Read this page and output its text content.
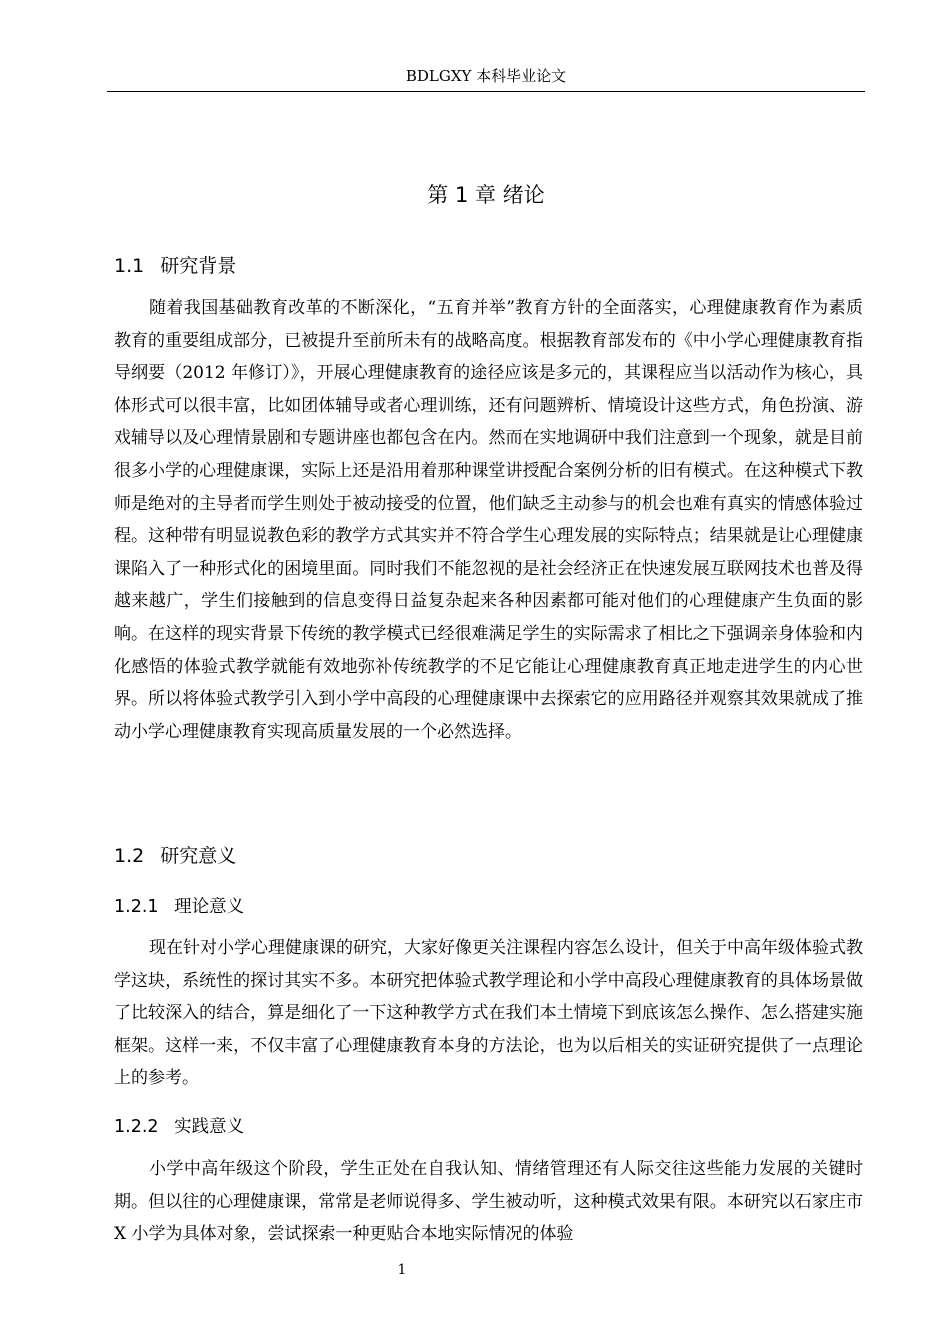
BDLGXY 本科毕业论文
第 1 章 绪论
1.1 研究背景

随着我国基础教育改革的不断深化，“五育并举”教育方针的全面落实，心理健康教育作为素质教育的重要组成部分，已被提升至前所未有的战略高度。根据教育部发布的《中小学心理健康教育指导纲要（2012 年修订）》，开展心理健康教育的途径应该是多元的，其课程应当以活动作为核心，具体形式可以很丰富，比如团体辅导或者心理训练，还有问题辨析、情境设计这些方式，角色扮演、游戏辅导以及心理情景剧和专题讲座也都包含在内。然而在实地调研中我们注意到一个现象，就是目前很多小学的心理健康课，实际上还是沿用着那种课堂讲授配合案例分析的旧有模式。在这种模式下教师是绝对的主导者而学生则处于被动接受的位置，他们缺乏主动参与的机会也难有真实的情感体验过程。这种带有明显说教色彩的教学方式其实并不符合学生心理发展的实际特点；结果就是让心理健康课陷入了一种形式化的困境里面。同时我们不能忽视的是社会经济正在快速发展互联网技术也普及得越来越广，学生们接触到的信息变得日益复杂起来各种因素都可能对他们的心理健康产生负面的影响。在这样的现实背景下传统的教学模式已经很难满足学生的实际需求了相比之下强调亲身体验和内化感悟的体验式教学就能有效地弥补传统教学的不足它能让心理健康教育真正地走进学生的内心世界。所以将体验式教学引入到小学中高段的心理健康课中去探索它的应用路径并观察其效果就成了推动小学心理健康教育实现高质量发展的一个必然选择。

1.2 研究意义
1.2.1 理论意义

现在针对小学心理健康课的研究，大家好像更关注课程内容怎么设计，但关于中高年级体验式教学这块，系统性的探讨其实不多。本研究把体验式教学理论和小学中高段心理健康教育的具体场景做了比较深入的结合，算是细化了一下这种教学方式在我们本土情境下到底该怎么操作、怎么搭建实施框架。这样一来，不仅丰富了心理健康教育本身的方法论，也为以后相关的实证研究提供了一点理论上的参考。

1.2.2 实践意义

小学中高年级这个阶段，学生正处在自我认知、情绪管理还有人际交往这些能力发展的关键时期。但以往的心理健康课，常常是老师说得多、学生被动听，这种模式效果有限。本研究以石家庄市 X 小学为具体对象，尝试探索一种更贴合本地实际情况的体验

1
